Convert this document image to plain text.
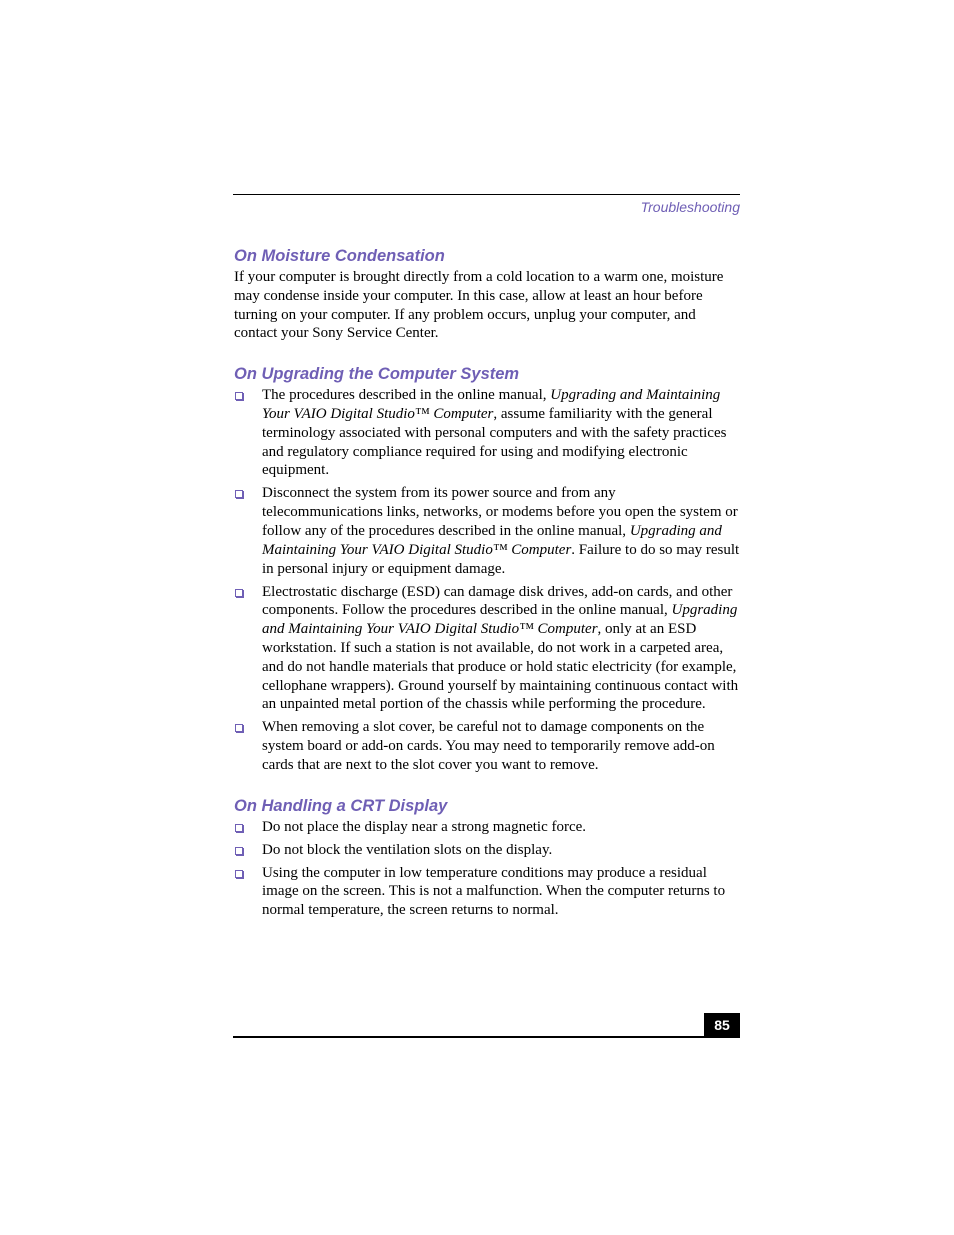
Troubleshooting
On Moisture Condensation

If your computer is brought directly from a cold location to a warm one, moisture may condense inside your computer. In this case, allow at least an hour before turning on your computer. If any problem occurs, unplug your computer, and contact your Sony Service Center.

On Upgrading the Computer System
The procedures described in the online manual, Upgrading and Maintaining Your VAIO Digital Studio™ Computer, assume familiarity with the general terminology associated with personal computers and with the safety practices and regulatory compliance required for using and modifying electronic equipment.
Disconnect the system from its power source and from any telecommunications links, networks, or modems before you open the system or follow any of the procedures described in the online manual, Upgrading and Maintaining Your VAIO Digital Studio™ Computer. Failure to do so may result in personal injury or equipment damage.
Electrostatic discharge (ESD) can damage disk drives, add-on cards, and other components. Follow the procedures described in the online manual, Upgrading and Maintaining Your VAIO Digital Studio™ Computer, only at an ESD workstation. If such a station is not available, do not work in a carpeted area, and do not handle materials that produce or hold static electricity (for example, cellophane wrappers). Ground yourself by maintaining continuous contact with an unpainted metal portion of the chassis while performing the procedure.
When removing a slot cover, be careful not to damage components on the system board or add-on cards. You may need to temporarily remove add-on cards that are next to the slot cover you want to remove.
On Handling a CRT Display
Do not place the display near a strong magnetic force.
Do not block the ventilation slots on the display.
Using the computer in low temperature conditions may produce a residual image on the screen. This is not a malfunction. When the computer returns to normal temperature, the screen returns to normal.
85
